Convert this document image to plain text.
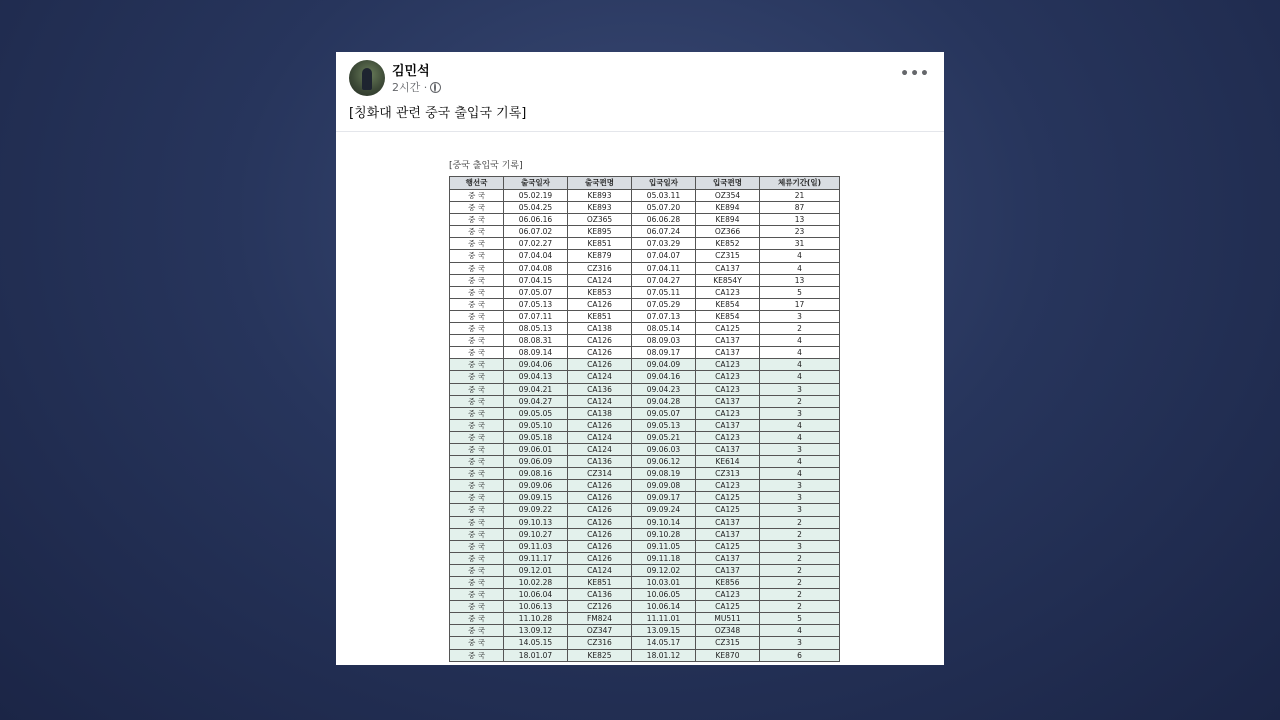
김민석
2시간 ·
•••
[칭화대 관련 중국 출입국 기록]
[중국 출입국 기록]
행선국	출국일자	출국편명	입국일자	입국편명	체류기간(일)
중 국	05.02.19	KE893	05.03.11	OZ354	21
중 국	05.04.25	KE893	05.07.20	KE894	87
중 국	06.06.16	OZ365	06.06.28	KE894	13
중 국	06.07.02	KE895	06.07.24	OZ366	23
중 국	07.02.27	KE851	07.03.29	KE852	31
중 국	07.04.04	KE879	07.04.07	CZ315	4
중 국	07.04.08	CZ316	07.04.11	CA137	4
중 국	07.04.15	CA124	07.04.27	KE854Y	13
중 국	07.05.07	KE853	07.05.11	CA123	5
중 국	07.05.13	CA126	07.05.29	KE854	17
중 국	07.07.11	KE851	07.07.13	KE854	3
중 국	08.05.13	CA138	08.05.14	CA125	2
중 국	08.08.31	CA126	08.09.03	CA137	4
중 국	08.09.14	CA126	08.09.17	CA137	4
중 국	09.04.06	CA126	09.04.09	CA123	4
중 국	09.04.13	CA124	09.04.16	CA123	4
중 국	09.04.21	CA136	09.04.23	CA123	3
중 국	09.04.27	CA124	09.04.28	CA137	2
중 국	09.05.05	CA138	09.05.07	CA123	3
중 국	09.05.10	CA126	09.05.13	CA137	4
중 국	09.05.18	CA124	09.05.21	CA123	4
중 국	09.06.01	CA124	09.06.03	CA137	3
중 국	09.06.09	CA136	09.06.12	KE614	4
중 국	09.08.16	CZ314	09.08.19	CZ313	4
중 국	09.09.06	CA126	09.09.08	CA123	3
중 국	09.09.15	CA126	09.09.17	CA125	3
중 국	09.09.22	CA126	09.09.24	CA125	3
중 국	09.10.13	CA126	09.10.14	CA137	2
중 국	09.10.27	CA126	09.10.28	CA137	2
중 국	09.11.03	CA126	09.11.05	CA125	3
중 국	09.11.17	CA126	09.11.18	CA137	2
중 국	09.12.01	CA124	09.12.02	CA137	2
중 국	10.02.28	KE851	10.03.01	KE856	2
중 국	10.06.04	CA136	10.06.05	CA123	2
중 국	10.06.13	CZ126	10.06.14	CA125	2
중 국	11.10.28	FM824	11.11.01	MU511	5
중 국	13.09.12	OZ347	13.09.15	OZ348	4
중 국	14.05.15	CZ316	14.05.17	CZ315	3
중 국	18.01.07	KE825	18.01.12	KE870	6
